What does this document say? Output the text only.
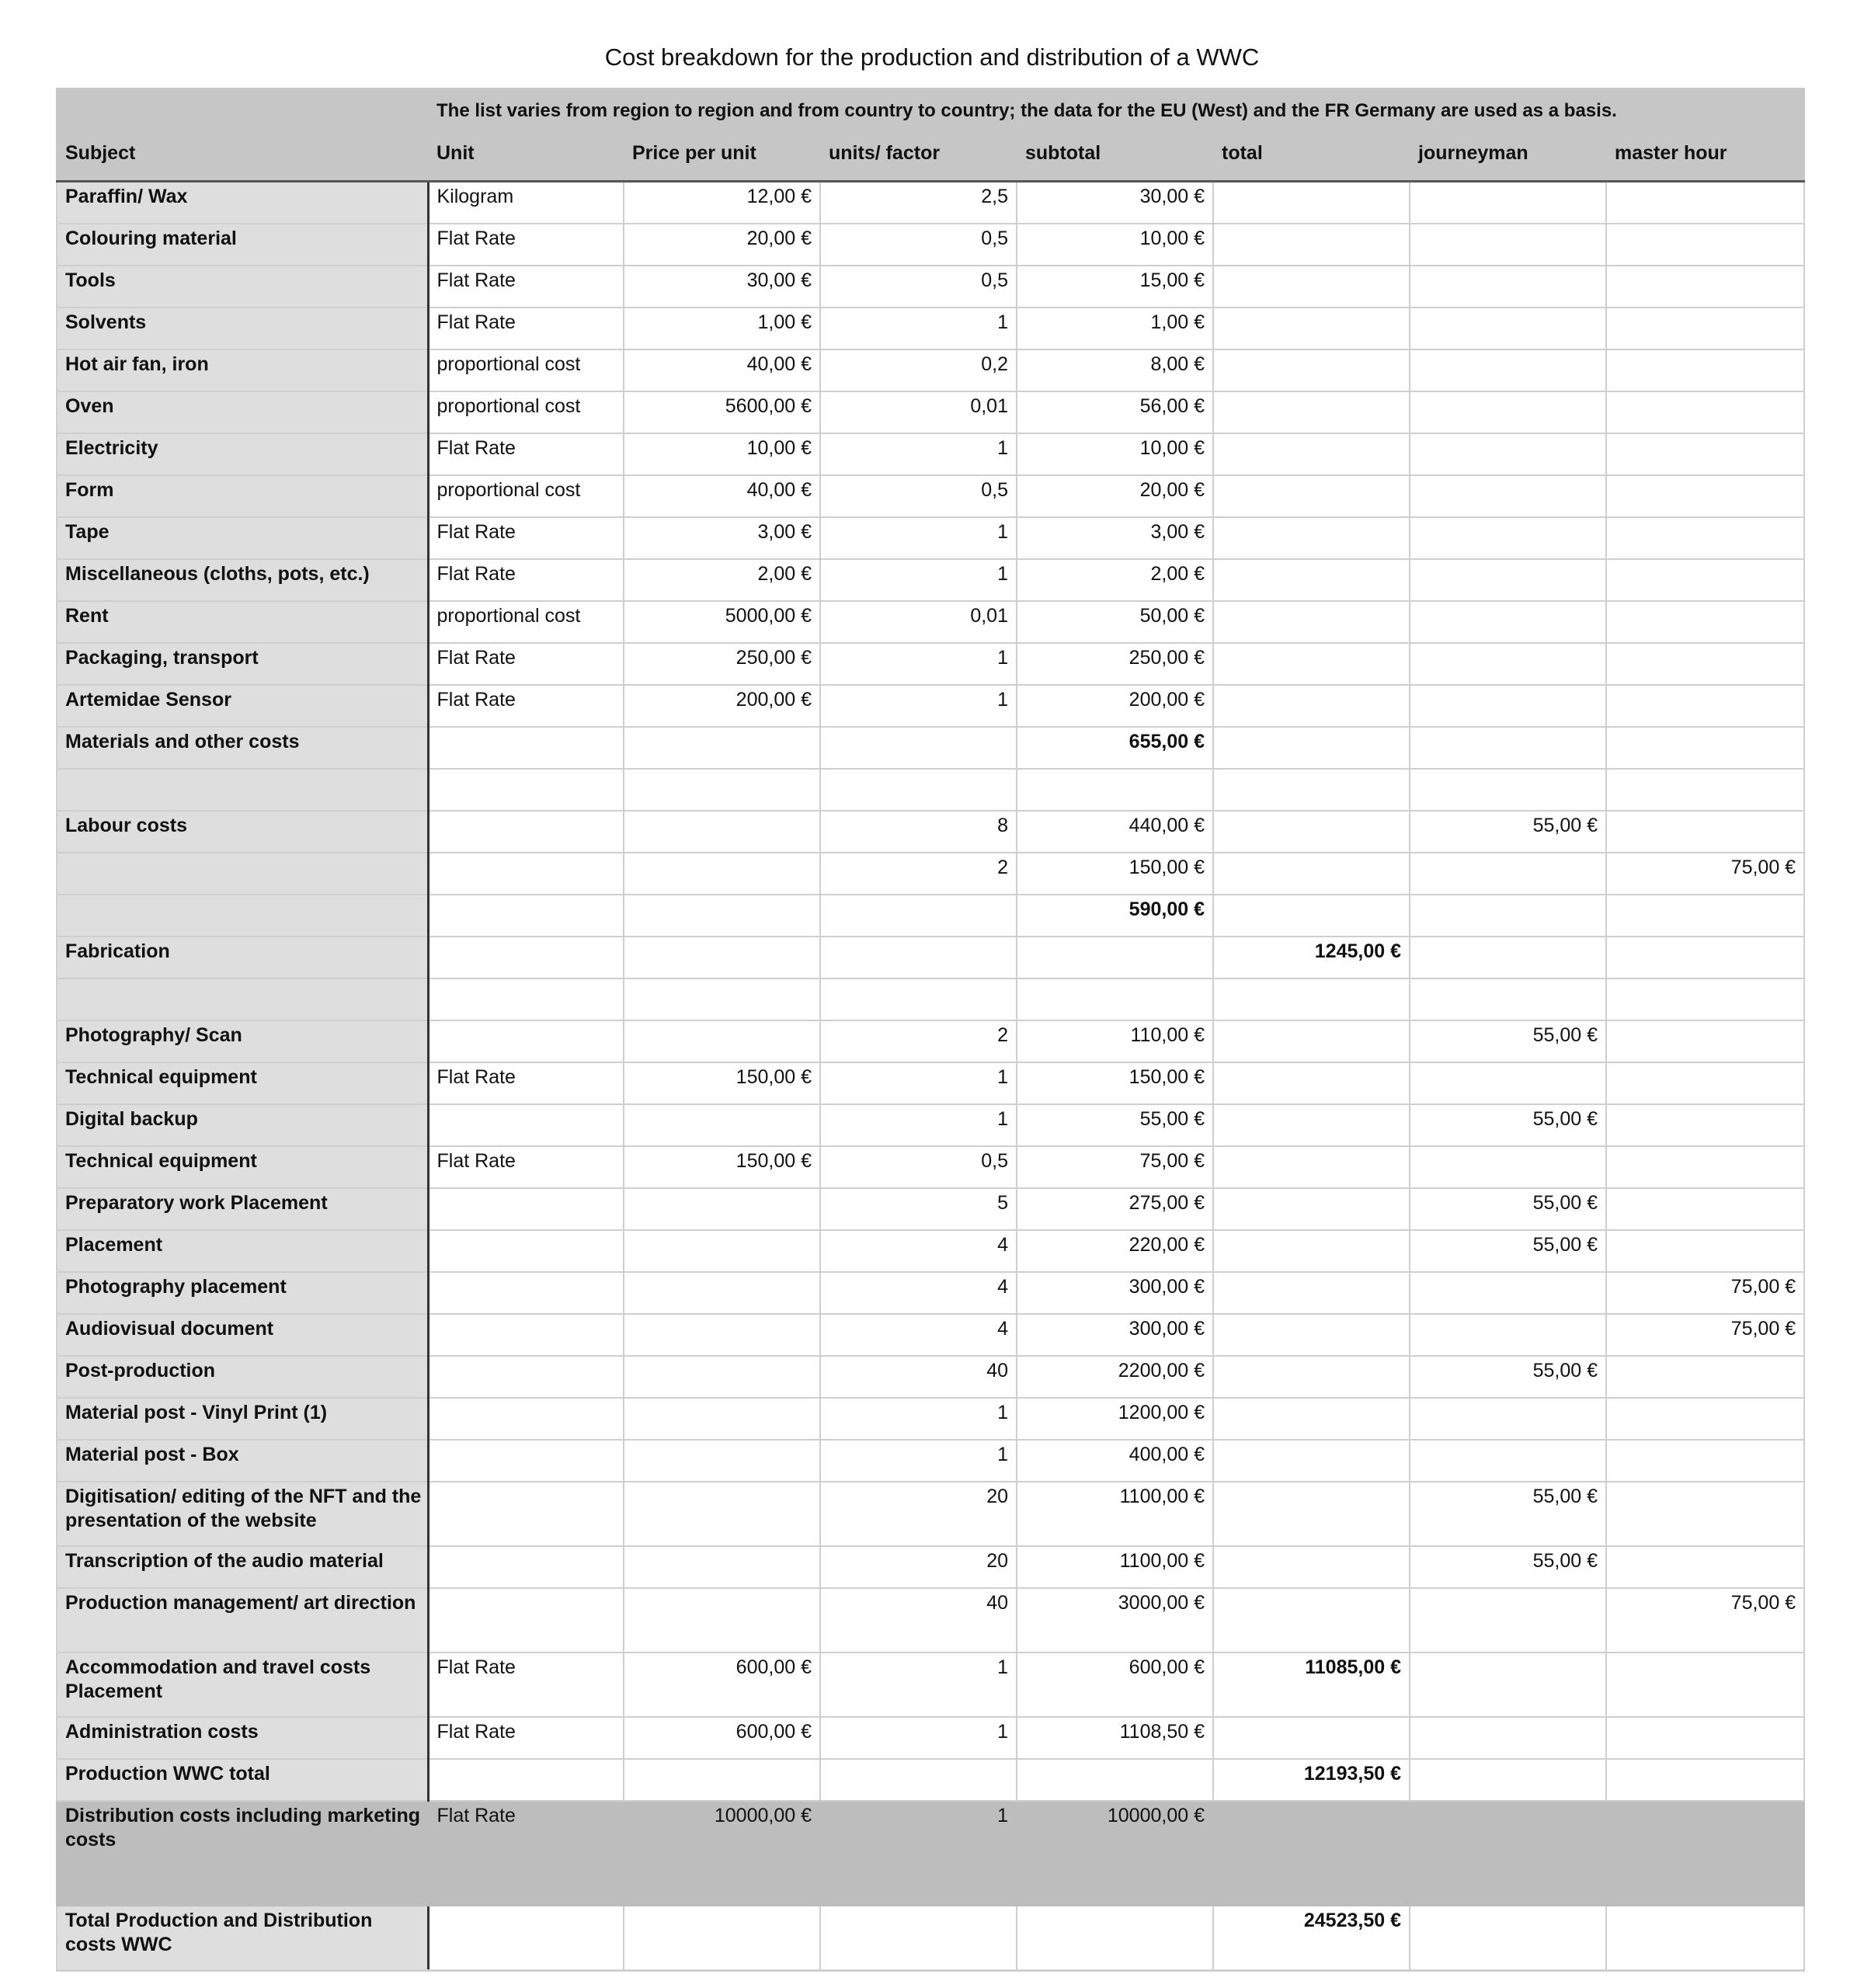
Cost breakdown for the production and distribution of a WWC
	The list varies from region to region and from country to country; the data for the EU (West) and the FR Germany are used as a basis.						
Subject	Unit	Price per unit	units/ factor	subtotal	total	journeyman	master hour
Paraffin/ Wax	Kilogram	12,00 €	2,5	30,00 €			
Colouring material	Flat Rate	20,00 €	0,5	10,00 €			
Tools	Flat Rate	30,00 €	0,5	15,00 €			
Solvents	Flat Rate	1,00 €	1	1,00 €			
Hot air fan, iron	proportional cost	40,00 €	0,2	8,00 €			
Oven	proportional cost	5600,00 €	0,01	56,00 €			
Electricity	Flat Rate	10,00 €	1	10,00 €			
Form	proportional cost	40,00 €	0,5	20,00 €			
Tape	Flat Rate	3,00 €	1	3,00 €			
Miscellaneous (cloths, pots, etc.)	Flat Rate	2,00 €	1	2,00 €			
Rent	proportional cost	5000,00 €	0,01	50,00 €			
Packaging, transport	Flat Rate	250,00 €	1	250,00 €			
Artemidae Sensor	Flat Rate	200,00 €	1	200,00 €			
Materials and other costs				655,00 €			

Labour costs			8	440,00 €		55,00 €	
			2	150,00 €			75,00 €
				590,00 €			
Fabrication					1245,00 €		

Photography/ Scan			2	110,00 €		55,00 €	
Technical equipment	Flat Rate	150,00 €	1	150,00 €			
Digital backup			1	55,00 €		55,00 €	
Technical equipment	Flat Rate	150,00 €	0,5	75,00 €			
Preparatory work Placement			5	275,00 €		55,00 €	
Placement			4	220,00 €		55,00 €	
Photography placement			4	300,00 €			75,00 €
Audiovisual document			4	300,00 €			75,00 €
Post-production			40	2200,00 €		55,00 €	
Material post - Vinyl Print (1)			1	1200,00 €			
Material post - Box			1	400,00 €			
Digitisation/ editing of the NFT and the presentation of the website			20	1100,00 €		55,00 €	
Transcription of the audio material			20	1100,00 €		55,00 €	
Production management/ art direction			40	3000,00 €			75,00 €
Accommodation and travel costs Placement	Flat Rate	600,00 €	1	600,00 €	11085,00 €		
Administration costs	Flat Rate	600,00 €	1	1108,50 €			
Production WWC total					12193,50 €		
Distribution costs including marketing costs	Flat Rate	10000,00 €	1	10000,00 €			
Total Production and Distribution costs WWC					24523,50 €		
